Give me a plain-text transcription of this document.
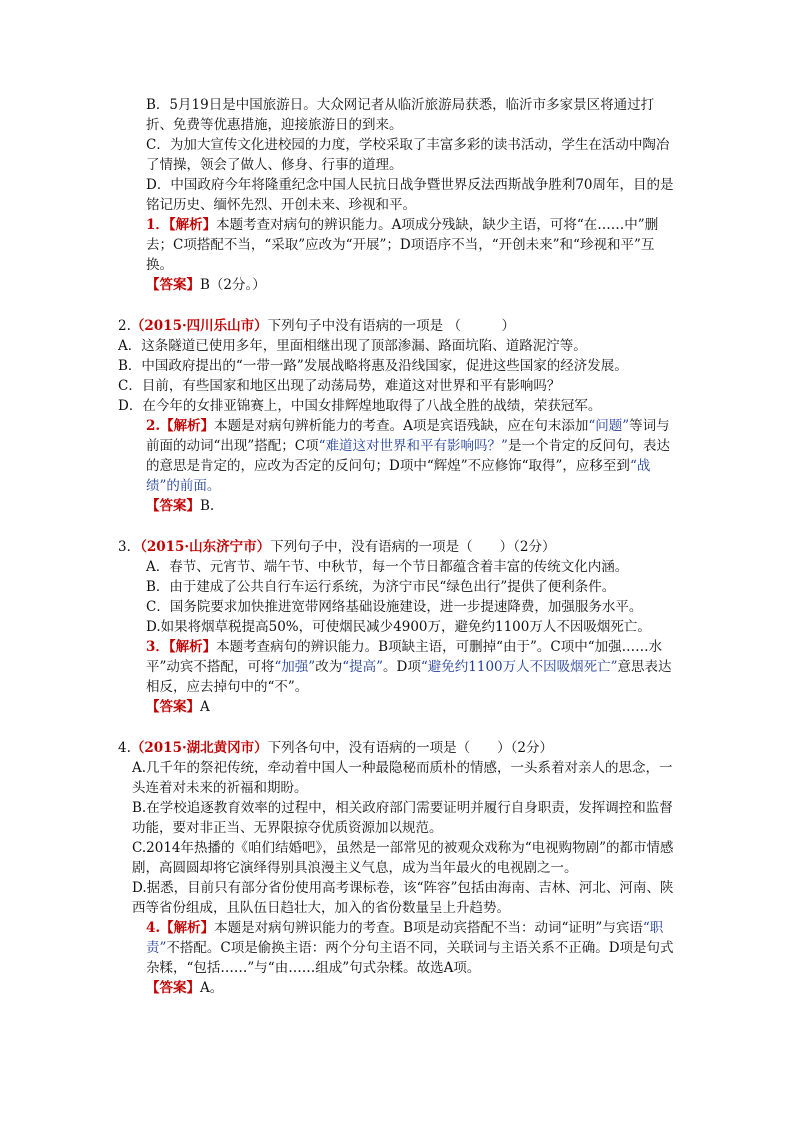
B．5月19日是中国旅游日。大众网记者从临沂旅游局获悉，临沂市多家景区将通过打折、免费等优惠措施，迎接旅游日的到来。

C．为加大宣传文化进校园的力度，学校采取了丰富多彩的读书活动，学生在活动中陶冶了情操，领会了做人、修身、行事的道理。

D．中国政府今年将隆重纪念中国人民抗日战争暨世界反法西斯战争胜利70周年，目的是铭记历史、缅怀先烈、开创未来、珍视和平。

1．【解析】本题考查对病句的辨识能力。A项成分残缺，缺少主语，可将“在……中”删去；C项搭配不当，“采取”应改为“开展”；D项语序不当，“开创未来”和“珍视和平”互换。

【答案】B（2分。）

2.（2015·四川乐山市）下列句子中没有语病的一项是 （　　　）

A．这条隧道已使用多年，里面相继出现了顶部渗漏、路面坑陷、道路泥泞等。

B．中国政府提出的“一带一路”发展战略将惠及沿线国家，促进这些国家的经济发展。

C．目前，有些国家和地区出现了动荡局势，难道这对世界和平有影响吗？

D．在今年的女排亚锦赛上，中国女排辉煌地取得了八战全胜的战绩，荣获冠军。

2.【解析】本题是对病句辨析能力的考查。A项是宾语残缺，应在句末添加“问题”等词与前面的动词“出现”搭配；C项“难道这对世界和平有影响吗？”是一个肯定的反问句，表达的意思是肯定的，应改为否定的反问句；D项中“辉煌”不应修饰“取得”，应移至到“战绩”的前面。

【答案】B.

3．（2015·山东济宁市）下列句子中，没有语病的一项是（　　）（2分）

A．春节、元宵节、端午节、中秋节，每一个节日都蕴含着丰富的传统文化内涵。

B．由于建成了公共自行车运行系统，为济宁市民“绿色出行”提供了便利条件。

C．国务院要求加快推进宽带网络基础设施建设，进一步提速降费，加强服务水平。

D.如果将烟草税提高50%，可使烟民减少4900万，避免约1100万人不因吸烟死亡。

3．【解析】本题考查病句的辨识能力。B项缺主语，可删掉“由于”。C项中“加强……水平”动宾不搭配，可将“加强”改为“提高”。D项“避免约1100万人不因吸烟死亡”意思表达相反，应去掉句中的“不”。

【答案】A

4.（2015·湖北黄冈市）下列各句中，没有语病的一项是（　　）（2分）

A.几千年的祭祀传统，牵动着中国人一种最隐秘而质朴的情感，一头系着对亲人的思念，一头连着对未来的祈福和期盼。

B.在学校追逐教育效率的过程中，相关政府部门需要证明并履行自身职责，发挥调控和监督功能，要对非正当、无界限掠夺优质资源加以规范。

C.2014年热播的《咱们结婚吧》，虽然是一部常见的被观众戏称为“电视购物剧”的都市情感剧，高圆圆却将它演绎得别具浪漫主义气息，成为当年最火的电视剧之一。

D.据悉，目前只有部分省份使用高考课标卷，该“阵容”包括由海南、吉林、河北、河南、陕西等省份组成，且队伍日趋壮大，加入的省份数量呈上升趋势。

4.【解析】本题是对病句辨识能力的考查。B项是动宾搭配不当：动词“证明”与宾语“职责”不搭配。C项是偷换主语：两个分句主语不同，关联词与主语关系不正确。D项是句式杂糅，“包括……”与“由……组成”句式杂糅。故选A项。

【答案】A。
